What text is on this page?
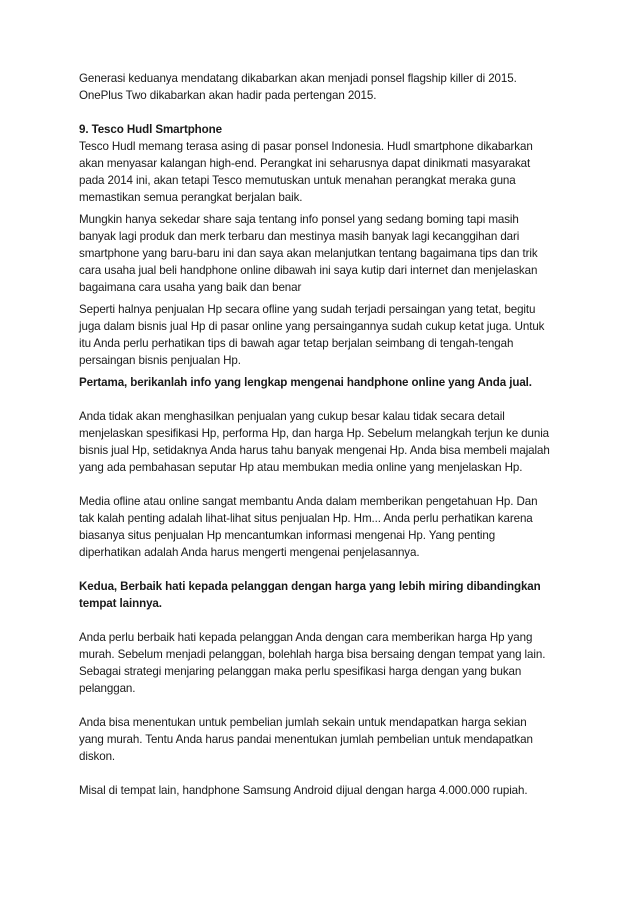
Generasi keduanya mendatang dikabarkan akan menjadi ponsel flagship killer di 2015.
OnePlus Two dikabarkan akan hadir pada pertengan 2015.

9. Tesco Hudl Smartphone

Tesco Hudl memang terasa asing di pasar ponsel Indonesia. Hudl smartphone dikabarkan
akan menyasar kalangan high-end. Perangkat ini seharusnya dapat dinikmati masyarakat
pada 2014 ini, akan tetapi Tesco memutuskan untuk menahan perangkat meraka guna
memastikan semua perangkat berjalan baik.

Mungkin hanya sekedar share saja tentang info ponsel yang sedang boming tapi masih
banyak lagi produk dan merk terbaru dan mestinya masih banyak lagi kecanggihan dari
smartphone yang baru-baru ini dan saya akan melanjutkan tentang bagaimana tips dan trik
cara usaha jual beli handphone online dibawah ini saya kutip dari internet dan menjelaskan
bagaimana cara usaha yang baik dan benar

Seperti halnya penjualan Hp secara ofline yang sudah terjadi persaingan yang tetat, begitu
juga dalam bisnis jual Hp di pasar online yang persaingannya sudah cukup ketat juga. Untuk
itu Anda perlu perhatikan tips di bawah agar tetap berjalan seimbang di tengah-tengah
persaingan bisnis penjualan Hp.

Pertama, berikanlah info yang lengkap mengenai handphone online yang Anda jual.

Anda tidak akan menghasilkan penjualan yang cukup besar kalau tidak secara detail
menjelaskan spesifikasi Hp, performa Hp, dan harga Hp. Sebelum melangkah terjun ke dunia
bisnis jual Hp, setidaknya Anda harus tahu banyak mengenai Hp. Anda bisa membeli majalah
yang ada pembahasan seputar Hp atau membukan media online yang menjelaskan Hp.

Media ofline atau online sangat membantu Anda dalam memberikan pengetahuan Hp. Dan
tak kalah penting adalah lihat-lihat situs penjualan Hp. Hm... Anda perlu perhatikan karena
biasanya situs penjualan Hp mencantumkan informasi mengenai Hp. Yang penting
diperhatikan adalah Anda harus mengerti mengenai penjelasannya.

Kedua, Berbaik hati kepada pelanggan dengan harga yang lebih miring dibandingkan
tempat lainnya.

Anda perlu berbaik hati kepada pelanggan Anda dengan cara memberikan harga Hp yang
murah. Sebelum menjadi pelanggan, bolehlah harga bisa bersaing dengan tempat yang lain.
Sebagai strategi menjaring pelanggan maka perlu spesifikasi harga dengan yang bukan
pelanggan.

Anda bisa menentukan untuk pembelian jumlah sekain untuk mendapatkan harga sekian
yang murah. Tentu Anda harus pandai menentukan jumlah pembelian untuk mendapatkan
diskon.

Misal di tempat lain, handphone Samsung Android dijual dengan harga 4.000.000 rupiah.
